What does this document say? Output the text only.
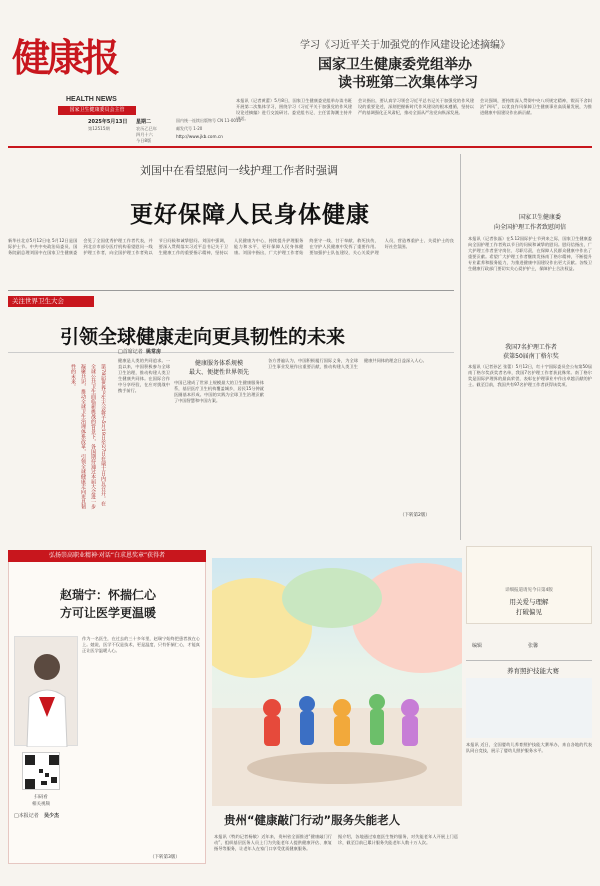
健康报
HEALTH NEWS
国家卫生健康委员会主管
2025年5月13日
第12515期
星期二
农历乙巳年
四月十六
今日8版
国内统一连续出版物号 CN 11-0010
邮发代号 1-20
http://www.jkb.com.cn
学习《习近平关于加强党的作风建设论述摘编》
国家卫生健康委党组举办
读书班第二次集体学习
本报讯（记者黄蕾）5月8日，国家卫生健康委党组举办读书班开展第二次集体学习，围绕学习《习近平关于加强党的作风建设论述摘编》进行交流研讨。委党组书记、主任雷海潮主持并讲话。
会议指出，要认真学习领会习近平总书记关于加强党的作风建设的重要论述，深刻把握新时代作风建设的根本遵循，坚持以严的基调强化正风肃纪，推动全面从严治党向纵深发展。
会议强调，要持续深入贯彻中央八项规定精神，锲而不舍纠治“四风”，以优良作风保障卫生健康事业高质量发展，为推进健康中国建设作出新贡献。
刘国中在看望慰问一线护理工作者时强调
更好保障人民身体健康
新华社北京5月12日电 5月12日是国际护士节。中共中央政治局委员、国务院副总理刘国中在国家卫生健康委会见了全国优秀护理工作者代表，并到北京市部分医疗机构看望慰问一线护理工作者，向全国护理工作者致以节日问候和诚挚慰问。刘国中强调，要深入贯彻落实习近平总书记关于卫生健康工作的重要指示精神，坚持以人民健康为中心，持续提升护理服务能力和水平，更好保障人民身体健康。刘国中指出，广大护理工作者始终坚守一线、甘于奉献、救死扶伤，在守护人民健康中发挥了重要作用。要加强护士队伍建设，关心关爱护理人员，营造尊重护士、关爱护士的良好社会氛围。
国家卫生健康委
向全国护理工作者致慰问信
本报讯（记者张磊）在5.12国际护士节到来之际，国家卫生健康委向全国护理工作者致以节日的问候和诚挚的慰问。慰问信指出，广大护理工作者坚守岗位、尽职尽责，在保障人民群众健康中作出了重要贡献。希望广大护理工作者继续发扬南丁格尔精神，不断提升专业素养和服务能力，为推进健康中国建设作出更大贡献。各级卫生健康行政部门要切实关心爱护护士，保障护士合法权益。
关注世界卫生大会
引领全球健康走向更具韧性的未来
第78届世界卫生大会将于5月19日至27日在瑞士日内瓦召开。在全球公共卫生面临新挑战的背景下，各国期待通过本届大会进一步凝聚共识，推动全球卫生治理体系改革，引领全球健康走向更具韧性的未来。
□首席记者 姚常房
健康是人类的共同追求。一直以来，中国积极参与全球卫生治理，推动构建人类卫生健康共同体。在国际合作中分享经验，在应对挑战中携手前行。
健康服务体系规模
最大、便捷性世界领先
中国已建成了世界上规模最大的卫生健康服务体系，基层医疗卫生机构覆盖城乡，居民15分钟就医圈基本形成。中国的实践为全球卫生治理贡献了中国智慧和中国方案。
各方普遍认为，中国积极履行国际义务，为全球卫生事业发展作出重要贡献，推动构建人类卫生健康共同体的理念日益深入人心。
（下转第2版）
我国7名护理工作者
获第50届南丁格尔奖
本报讯（记者孙艺 张蕾）5月12日，红十字国际委员会公布第50届南丁格尔奖获奖者名单，我国7名护理工作者获此殊荣。南丁格尔奖是国际护理界的最高荣誉，表彰在护理事业中作出卓越贡献的护士。截至目前，我国共有97名护理工作者获得该奖项。
详细报道请见今日第4版
用关爱与理解
打破偏见
编辑	张馨
弘扬崇高职业精神·对话“白求恩奖章”获得者
赵瑞宁：怀揣仁心
方可让医学更温暖
扫码看
相关视频
□本报记者 吴少杰
作为一名医生，在过去的三十多年里，赵瑞宁始终把患者放在心上。她说，医学不仅是技术，更是温度，只有怀揣仁心，才能真正让医学温暖人心。
（下转第3版）
贵州“健康敲门行动”服务失能老人
本报讯（特约记者杨敏）近年来，贵州省全面推进“健康敲门行动”，组织基层医务人员上门为失能老年人提供健康评估、康复指导等服务，让老年人在家门口享受优质健康服务。
据介绍，各地通过家庭医生签约服务，对失能老年人开展上门巡诊，截至目前已累计服务失能老年人数十万人次。
养育照护技能大赛
本报讯 近日，全国婴幼儿养育照护技能大赛举办，来自各地的代表队同台竞技，展示了婴幼儿照护服务水平。
